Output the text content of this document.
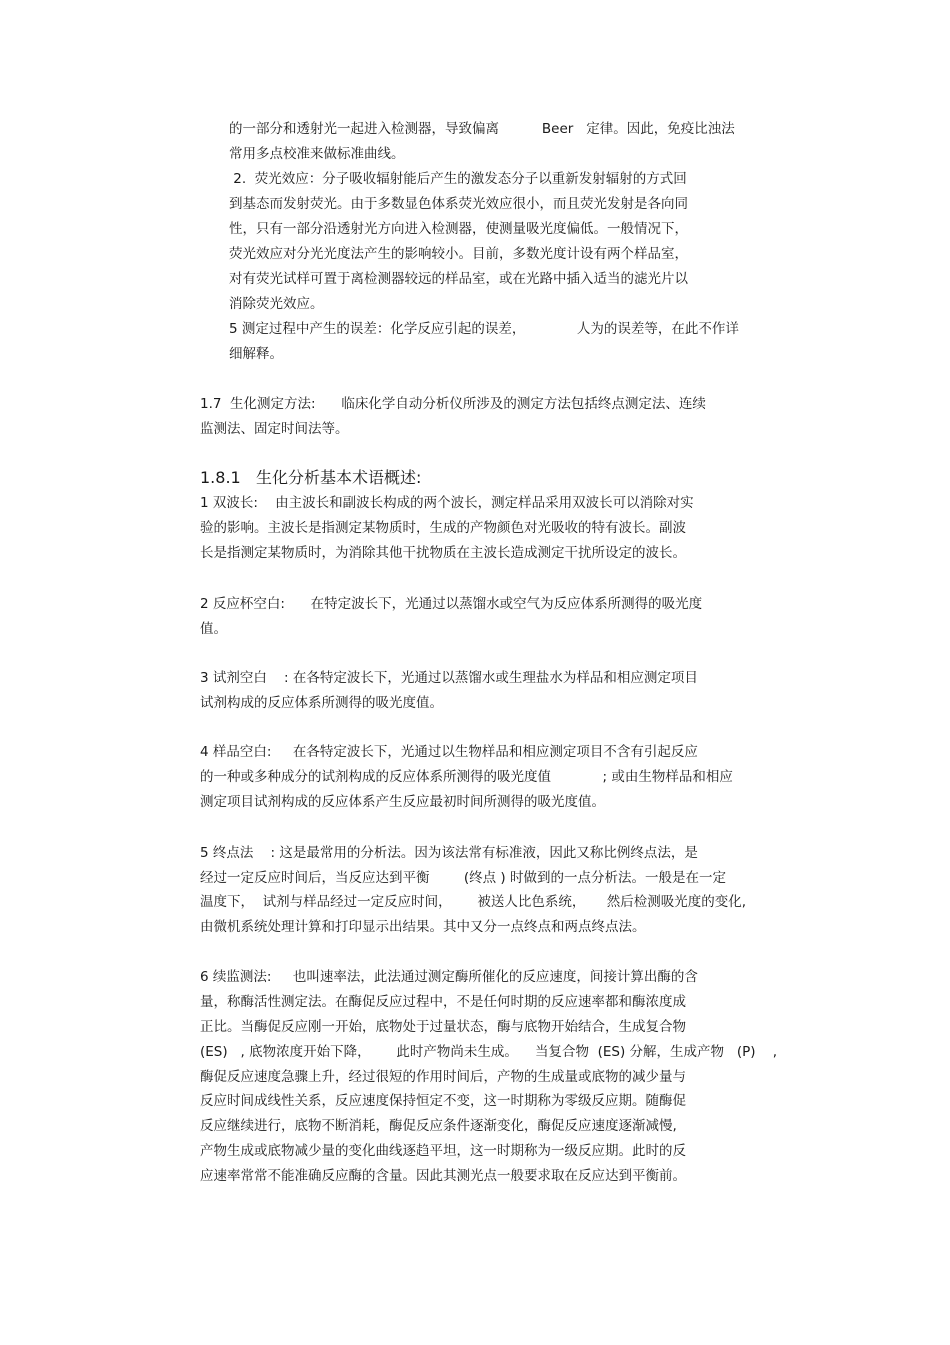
的一部分和透射光一起进入检测器，导致偏离          Beer   定律。因此，免疫比浊法
常用多点校准来做标准曲线。
2.  荧光效应：分子吸收辐射能后产生的激发态分子以重新发射辐射的方式回
到基态而发射荧光。由于多数显色体系荧光效应很小，而且荧光发射是各向同
性，只有一部分沿透射光方向进入检测器，使测量吸光度偏低。一般情况下，
荧光效应对分光光度法产生的影响较小。目前，多数光度计设有两个样品室，
对有荧光试样可置于离检测器较远的样品室，或在光路中插入适当的滤光片以
消除荧光效应。
5 测定过程中产生的误差：化学反应引起的误差，            人为的误差等，在此不作详
细解释。
1.7  生化测定方法:      临床化学自动分析仪所涉及的测定方法包括终点测定法、连续
监测法、固定时间法等。
1.8.1   生化分析基本术语概述:
1 双波长:    由主波长和副波长构成的两个波长，测定样品采用双波长可以消除对实
验的影响。主波长是指测定某物质时，生成的产物颜色对光吸收的特有波长。副波
长是指测定某物质时，为消除其他干扰物质在主波长造成测定干扰所设定的波长。
2 反应杯空白:      在特定波长下，光通过以蒸馏水或空气为反应体系所测得的吸光度
值。
3 试剂空白    : 在各特定波长下，光通过以蒸馏水或生理盐水为样品和相应测定项目
试剂构成的反应体系所测得的吸光度值。
4 样品空白:     在各特定波长下，光通过以生物样品和相应测定项目不含有引起反应
的一种或多种成分的试剂构成的反应体系所测得的吸光度值            ; 或由生物样品和相应
测定项目试剂构成的反应体系产生反应最初时间所测得的吸光度值。
5 终点法    : 这是最常用的分析法。因为该法常有标准液，因此又称比例终点法，是
经过一定反应时间后，当反应达到平衡        (终点 ) 时做到的一点分析法。一般是在一定
温度下，  试剂与样品经过一定反应时间，      被送人比色系统，     然后检测吸光度的变化,
由微机系统处理计算和打印显示出结果。其中又分一点终点和两点终点法。
6 续监测法:     也叫速率法，此法通过测定酶所催化的反应速度，间接计算出酶的含
量，称酶活性测定法。在酶促反应过程中，不是任何时期的反应速率都和酶浓度成
正比。当酶促反应刚一开始，底物处于过量状态，酶与底物开始结合，生成复合物
(ES)   , 底物浓度开始下降，      此时产物尚未生成。    当复合物  (ES) 分解，生成产物   (P)    ,
酶促反应速度急骤上升，经过很短的作用时间后，产物的生成量或底物的减少量与
反应时间成线性关系，反应速度保持恒定不变，这一时期称为零级反应期。随酶促
反应继续进行，底物不断消耗，酶促反应条件逐渐变化，酶促反应速度逐渐减慢,
产物生成或底物减少量的变化曲线逐趋平坦，这一时期称为一级反应期。此时的反
应速率常常不能准确反应酶的含量。因此其测光点一般要求取在反应达到平衡前。
